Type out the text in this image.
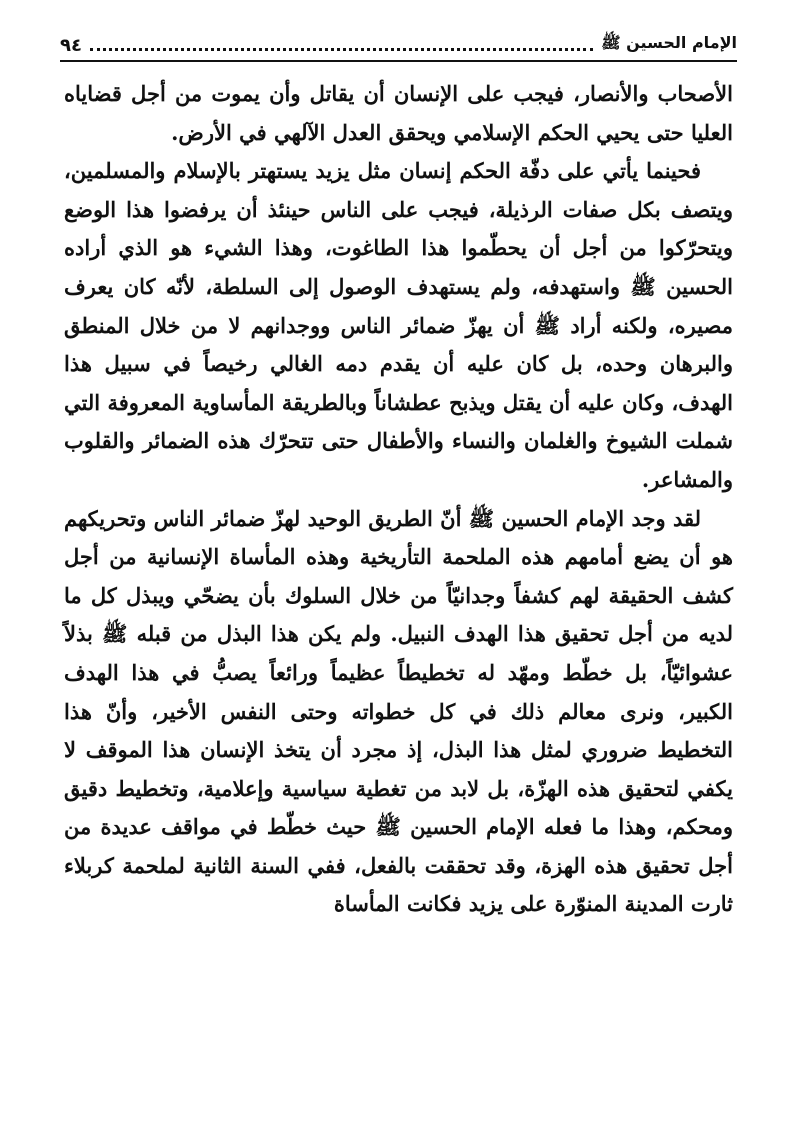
الإمام الحسين ﷺ
٩٤

الأصحاب والأنصار، فيجب على الإنسان أن يقاتل وأن يموت من أجل قضاياه العليا حتى يحيي الحكم الإسلامي ويحقق العدل الآلهي في الأرض.

فحينما يأتي على دفّة الحكم إنسان مثل يزيد يستهتر بالإسلام والمسلمين، ويتصف بكل صفات الرذيلة، فيجب على الناس حينئذ أن يرفضوا هذا الوضع ويتحرّكوا من أجل أن يحطّموا هذا الطاغوت، وهذا الشيء هو الذي أراده الحسين ﷺ واستهدفه، ولم يستهدف الوصول إلى السلطة، لأنّه كان يعرف مصيره، ولكنه أراد ﷺ أن يهزّ ضمائر الناس ووجدانهم لا من خلال المنطق والبرهان وحده، بل كان عليه أن يقدم دمه الغالي رخيصاً في سبيل هذا الهدف، وكان عليه أن يقتل ويذبح عطشاناً وبالطريقة المأساوية المعروفة التي شملت الشيوخ والغلمان والنساء والأطفال حتى تتحرّك هذه الضمائر والقلوب والمشاعر.

لقد وجد الإمام الحسين ﷺ أنّ الطريق الوحيد لهزّ ضمائر الناس وتحريكهم هو أن يضع أمامهم هذه الملحمة التأريخية وهذه المأساة الإنسانية من أجل كشف الحقيقة لهم كشفاً وجدانيّاً من خلال السلوك بأن يضحّي ويبذل كل ما لديه من أجل تحقيق هذا الهدف النبيل. ولم يكن هذا البذل من قبله ﷺ بذلاً عشوائيّاً، بل خطّط ومهّد له تخطيطاً عظيماً ورائعاً يصبُّ في هذا الهدف الكبير، ونرى معالم ذلك في كل خطواته وحتى النفس الأخير، وأنّ هذا التخطيط ضروري لمثل هذا البذل، إذ مجرد أن يتخذ الإنسان هذا الموقف لا يكفي لتحقيق هذه الهزّة، بل لابد من تغطية سياسية وإعلامية، وتخطيط دقيق ومحكم، وهذا ما فعله الإمام الحسين ﷺ حيث خطّط في مواقف عديدة من أجل تحقيق هذه الهزة، وقد تحققت بالفعل، ففي السنة الثانية لملحمة كربلاء ثارت المدينة المنوّرة على يزيد فكانت المأساة
